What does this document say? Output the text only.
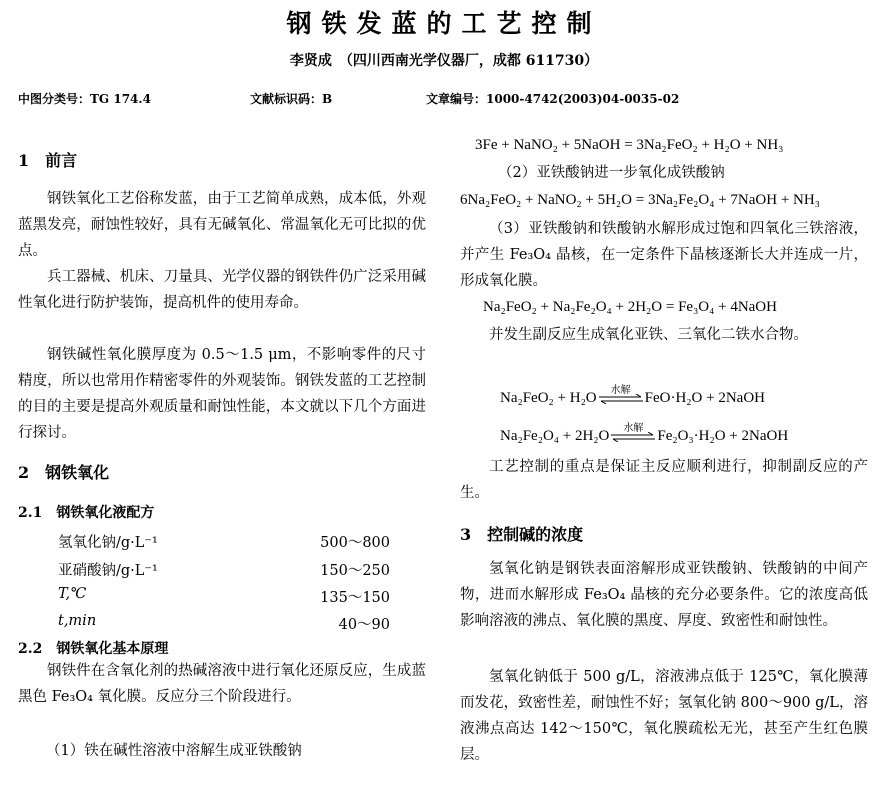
钢铁发蓝的工艺控制
李贤成　（四川西南光学仪器厂，成都 611730）
中图分类号：TG 174.4	文献标识码：B	文章编号：1000-4742(2003)04-0035-02
1　前言
钢铁氧化工艺俗称发蓝，由于工艺简单成熟，成本低，外观蓝黑发亮，耐蚀性较好，具有无碱氧化、常温氧化无可比拟的优点。
兵工器械、机床、刀量具、光学仪器的钢铁件仍广泛采用碱性氧化进行防护装饰，提高机件的使用寿命。
钢铁碱性氧化膜厚度为 0.5～1.5 μm，不影响零件的尺寸精度，所以也常用作精密零件的外观装饰。钢铁发蓝的工艺控制的目的主要是提高外观质量和耐蚀性能，本文就以下几个方面进行探讨。
2　钢铁氧化
2.1　钢铁氧化液配方
氢氧化钠/g·L⁻¹	500～800
亚硝酸钠/g·L⁻¹	150～250
T,℃	135～150
t,min	40～90
2.2　钢铁氧化基本原理
钢铁件在含氧化剂的热碱溶液中进行氧化还原反应，生成蓝黑色 Fe₃O₄ 氧化膜。反应分三个阶段进行。
（1）铁在碱性溶液中溶解生成亚铁酸钠
3Fe + NaNO₂ + 5NaOH = 3Na₂FeO₂ + H₂O + NH₃
（2）亚铁酸钠进一步氧化成铁酸钠
6Na₂FeO₂ + NaNO₂ + 5H₂O = 3Na₂Fe₂O₄ + 7NaOH + NH₃
（3）亚铁酸钠和铁酸钠水解形成过饱和四氧化三铁溶液，并产生 Fe₃O₄ 晶核，在一定条件下晶核逐渐长大并连成一片，形成氧化膜。
Na₂FeO₂ + Na₂Fe₂O₄ + 2H₂O = Fe₃O₄ + 4NaOH
并发生副反应生成氧化亚铁、三氧化二铁水合物。
Na₂FeO₂ + H₂O	水解 FeO·H₂O + 2NaOH
Na₂Fe₂O₄ + 2H₂O	水解 Fe₂O₃·H₂O + 2NaOH
工艺控制的重点是保证主反应顺利进行，抑制副反应的产生。
3　控制碱的浓度
氢氧化钠是钢铁表面溶解形成亚铁酸钠、铁酸钠的中间产物，进而水解形成 Fe₃O₄ 晶核的充分必要条件。它的浓度高低影响溶液的沸点、氧化膜的黑度、厚度、致密性和耐蚀性。
氢氧化钠低于 500 g/L，溶液沸点低于 125℃，氧化膜薄而发花，致密性差，耐蚀性不好；氢氧化钠 800～900 g/L，溶液沸点高达 142～150℃，氧化膜疏松无光，甚至产生红色膜层。
